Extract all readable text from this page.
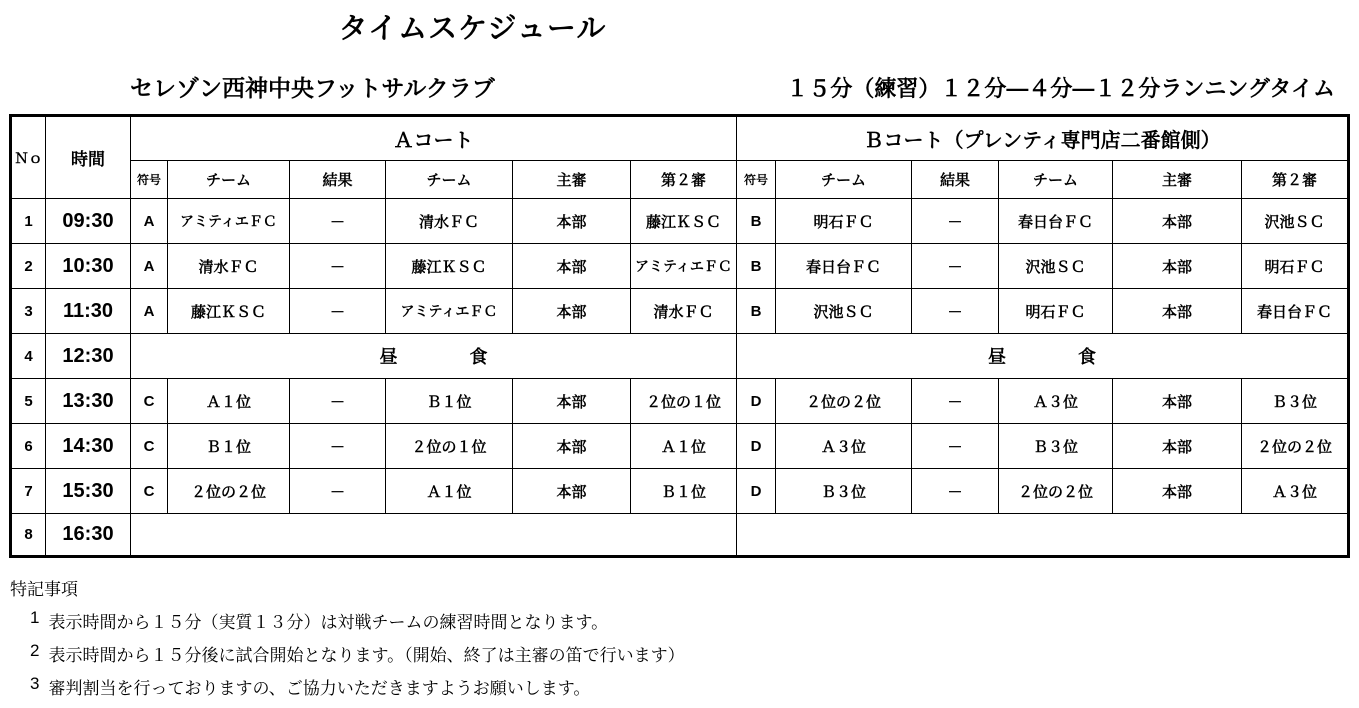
タイムスケジュール
セレゾン西神中央フットサルクラブ	１５分（練習）１２分―４分―１２分ランニングタイム
Ｎｏ	時間	Ａコート						Ｂコート（プレンティ専門店二番館側）					
		符号	チーム	結果	チーム	主審	第２審	符号	チーム	結果	チーム	主審	第２審
1	09:30	A	アミティエＦＣ	－	清水ＦＣ	本部	藤江ＫＳＣ	B	明石ＦＣ	－	春日台ＦＣ	本部	沢池ＳＣ
2	10:30	A	清水ＦＣ	－	藤江ＫＳＣ	本部	アミティエＦＣ	B	春日台ＦＣ	－	沢池ＳＣ	本部	明石ＦＣ
3	11:30	A	藤江ＫＳＣ	－	アミティエＦＣ	本部	清水ＦＣ	B	沢池ＳＣ	－	明石ＦＣ	本部	春日台ＦＣ
4	12:30	昼　　　　食						昼　　　　食					
5	13:30	C	Ａ１位	－	Ｂ１位	本部	２位の１位	D	２位の２位	－	Ａ３位	本部	Ｂ３位
6	14:30	C	Ｂ１位	－	２位の１位	本部	Ａ１位	D	Ａ３位	－	Ｂ３位	本部	２位の２位
7	15:30	C	２位の２位	－	Ａ１位	本部	Ｂ１位	D	Ｂ３位	－	２位の２位	本部	Ａ３位
8	16:30												
特記事項
1 表示時間から１５分（実質１３分）は対戦チームの練習時間となります。
2 表示時間から１５分後に試合開始となります。（開始、終了は主審の笛で行います）
3 審判割当を行っておりますの、ご協力いただきますようお願いします。
